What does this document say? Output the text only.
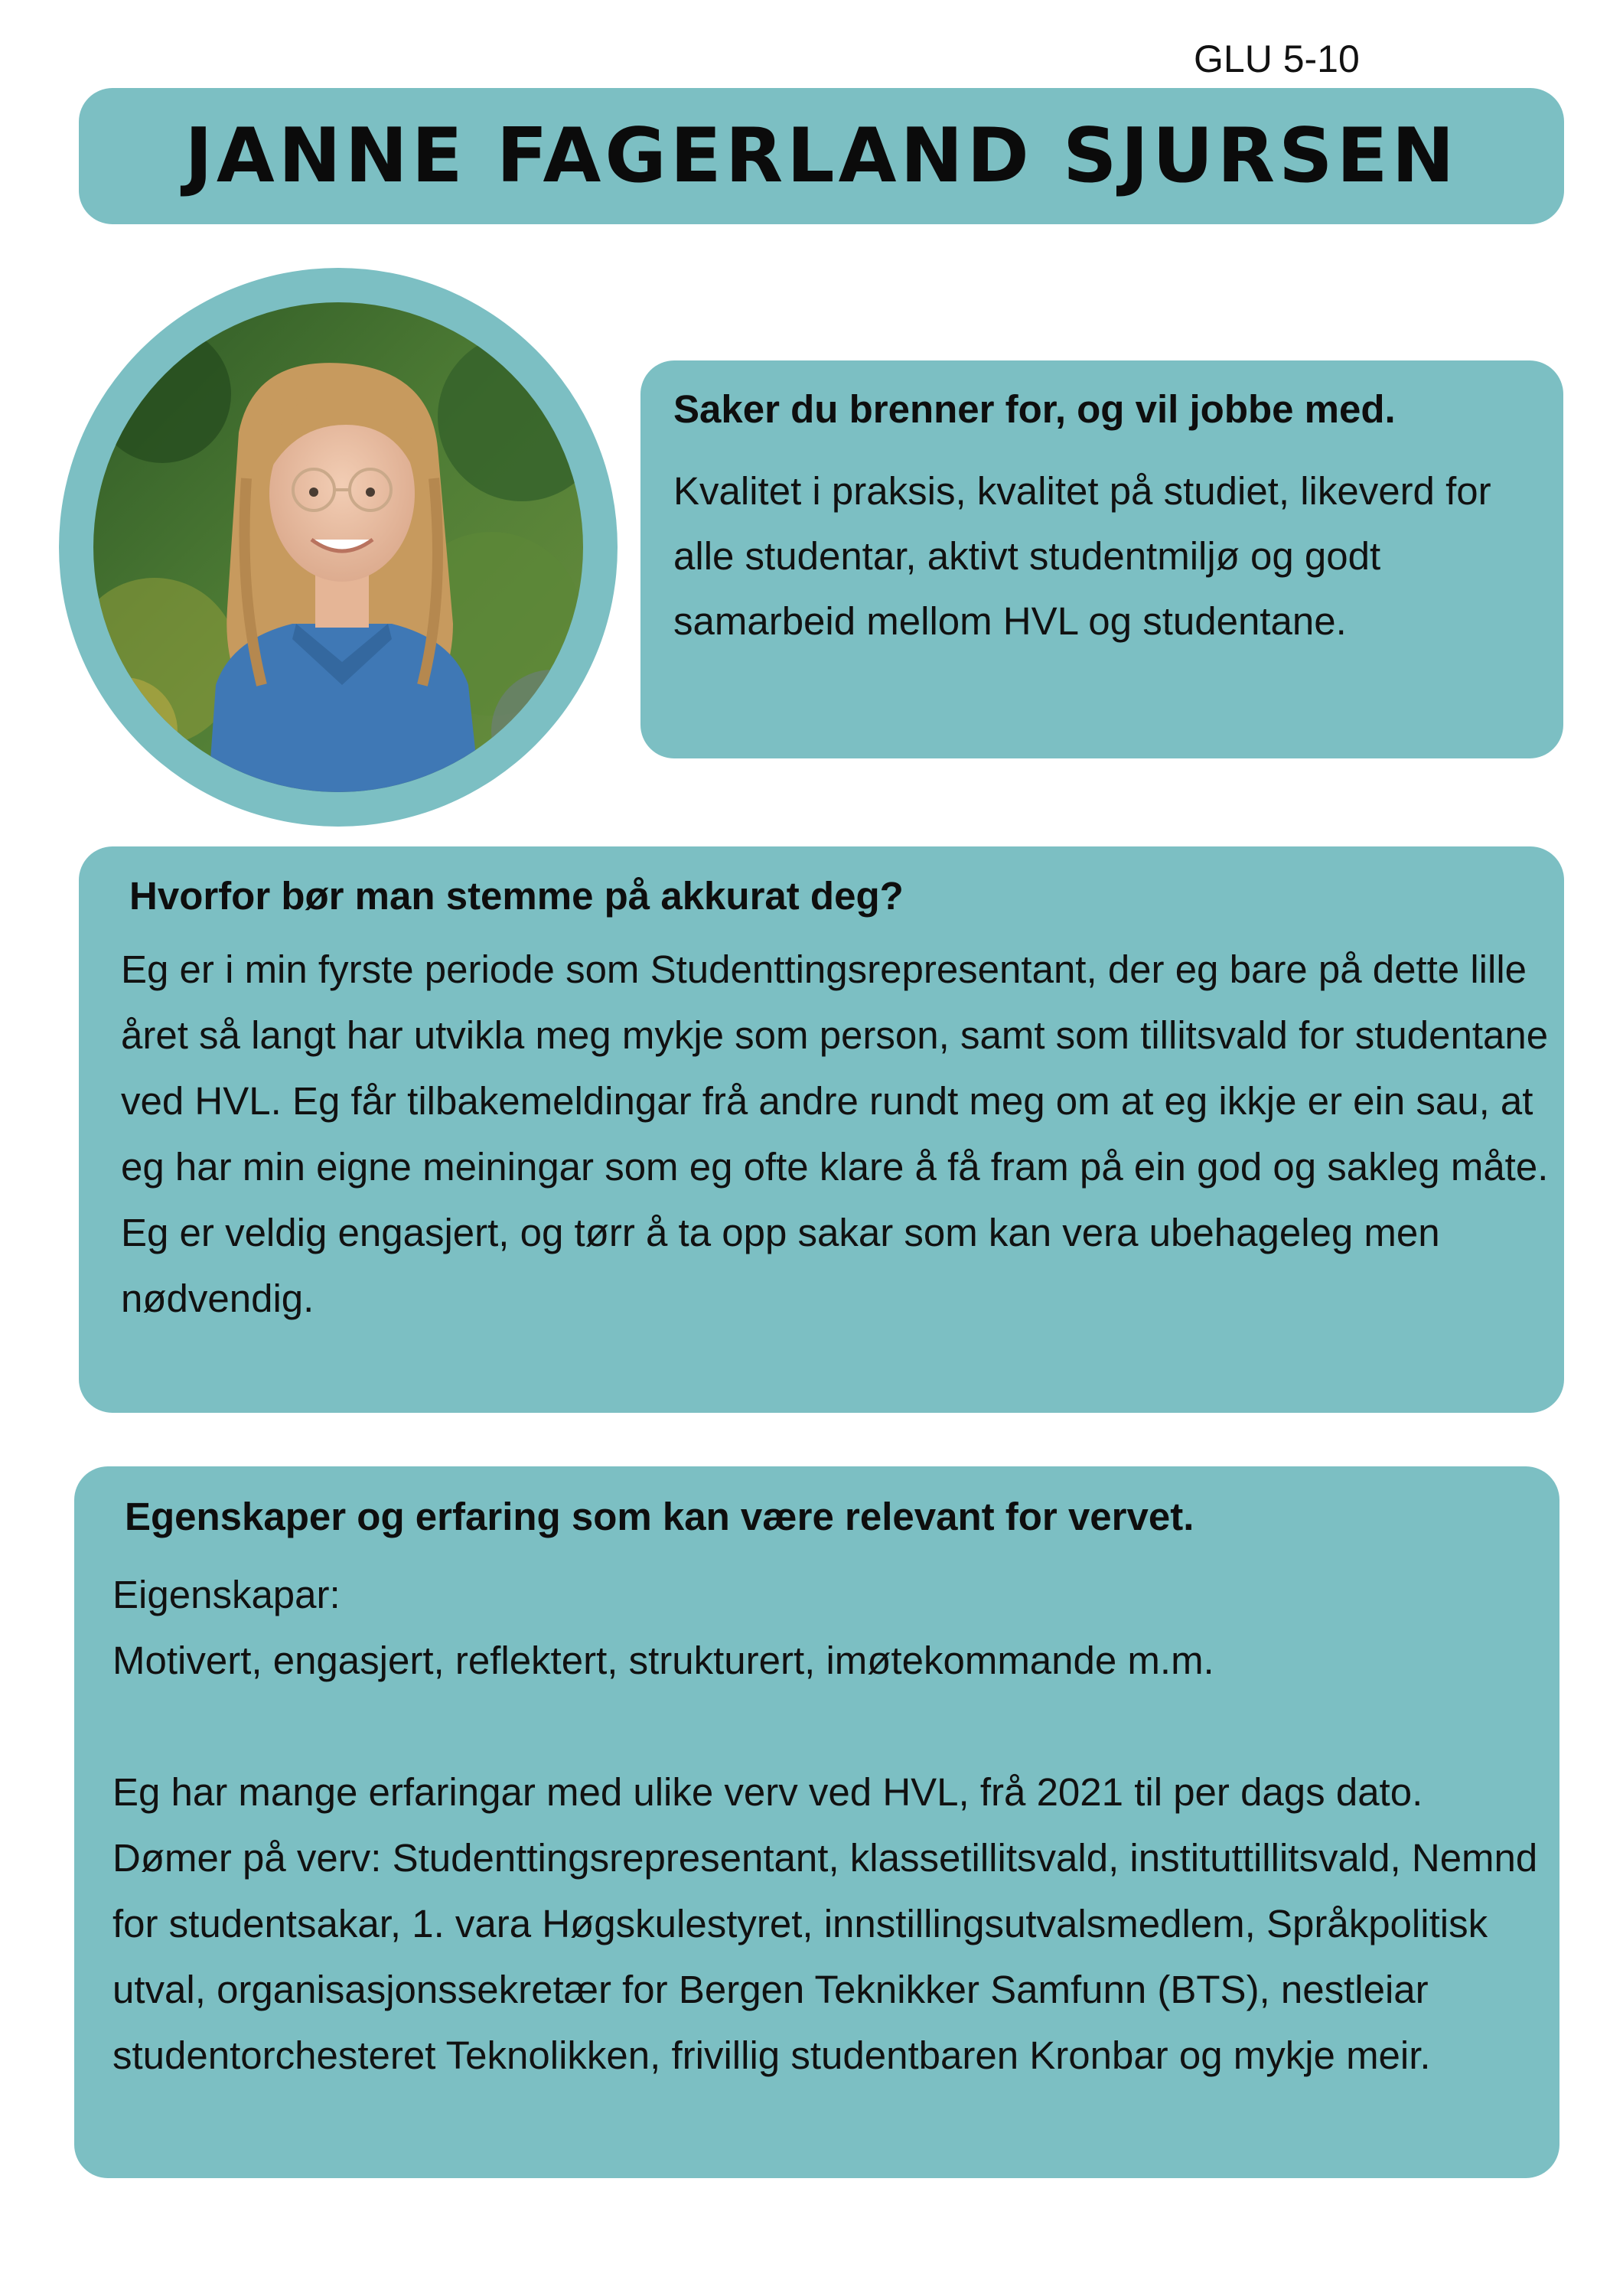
GLU 5-10
JANNE FAGERLAND SJURSEN
Saker du brenner for, og vil jobbe med.
Kvalitet i praksis, kvalitet på studiet, likeverd for alle studentar, aktivt studentmiljø og godt samarbeid mellom HVL og studentane.
Hvorfor bør man stemme på akkurat deg?
Eg er i min fyrste periode som Studenttingsrepresentant, der eg bare på dette lille året så langt har utvikla meg mykje som person, samt som tillitsvald for studentane ved HVL. Eg får tilbakemeldingar frå andre rundt meg om at eg ikkje er ein sau, at eg har min eigne meiningar som eg ofte klare å få fram på ein god og sakleg måte. Eg er veldig engasjert, og tørr å ta opp sakar som kan vera ubehageleg men nødvendig.
Egenskaper og erfaring som kan være relevant for vervet.
Eigenskapar:
Motivert, engasjert, reflektert, strukturert, imøtekommande m.m.
Eg har mange erfaringar med ulike verv ved HVL, frå 2021 til per dags dato. Dømer på verv: Studenttingsrepresentant, klassetillitsvald, instituttillitsvald, Nemnd for studentsakar, 1. vara Høgskulestyret, innstillingsutvalsmedlem, Språkpolitisk utval, organisasjonssekretær for Bergen Teknikker Samfunn (BTS), nestleiar studentorchesteret Teknolikken, frivillig studentbaren Kronbar og mykje meir.
